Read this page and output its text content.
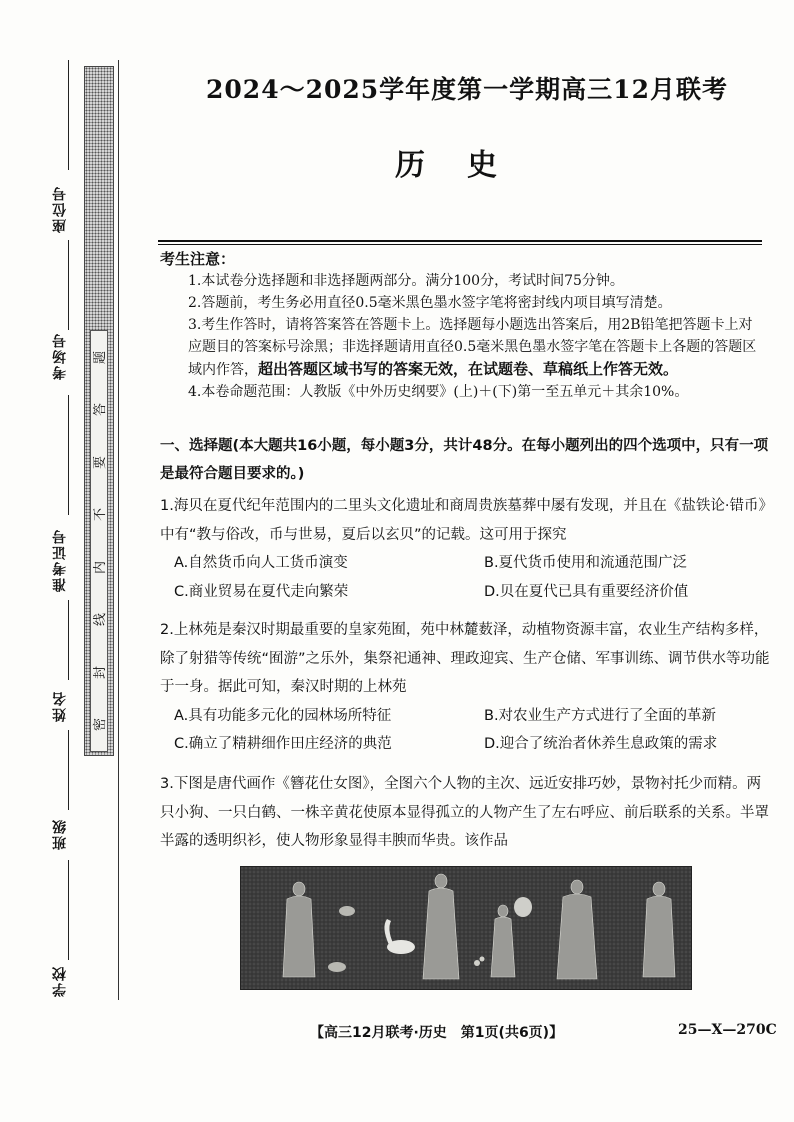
座位号
考场号
准考证号
姓名
班级
学校
题
答
要
不
内
线
封
密
2024～2025学年度第一学期高三12月联考
历史
考生注意：
1.本试卷分选择题和非选择题两部分。满分100分，考试时间75分钟。
2.答题前，考生务必用直径0.5毫米黑色墨水签字笔将密封线内项目填写清楚。
3.考生作答时，请将答案答在答题卡上。选择题每小题选出答案后，用2B铅笔把答题卡上对应题目的答案标号涂黑；非选择题请用直径0.5毫米黑色墨水签字笔在答题卡上各题的答题区域内作答，超出答题区域书写的答案无效，在试题卷、草稿纸上作答无效。
4.本卷命题范围：人教版《中外历史纲要》(上)＋(下)第一至五单元＋其余10%。
一、选择题(本大题共16小题，每小题3分，共计48分。在每小题列出的四个选项中，只有一项是最符合题目要求的。)
1.海贝在夏代纪年范围内的二里头文化遗址和商周贵族墓葬中屡有发现，并且在《盐铁论·错币》中有“教与俗改，币与世易，夏后以玄贝”的记载。这可用于探究
A.自然货币向人工货币演变	B.夏代货币使用和流通范围广泛
C.商业贸易在夏代走向繁荣	D.贝在夏代已具有重要经济价值
2.上林苑是秦汉时期最重要的皇家苑囿，苑中林麓薮泽，动植物资源丰富，农业生产结构多样，除了射猎等传统“囿游”之乐外，集祭祀通神、理政迎宾、生产仓储、军事训练、调节供水等功能于一身。据此可知，秦汉时期的上林苑
A.具有功能多元化的园林场所特征	B.对农业生产方式进行了全面的革新
C.确立了精耕细作田庄经济的典范	D.迎合了统治者休养生息政策的需求
3.下图是唐代画作《簪花仕女图》，全图六个人物的主次、远近安排巧妙，景物衬托少而精。两只小狗、一只白鹤、一株辛黄花使原本显得孤立的人物产生了左右呼应、前后联系的关系。半罩半露的透明织衫，使人物形象显得丰腴而华贵。该作品
【高三12月联考·历史　第1页(共6页)】	25—X—270C
